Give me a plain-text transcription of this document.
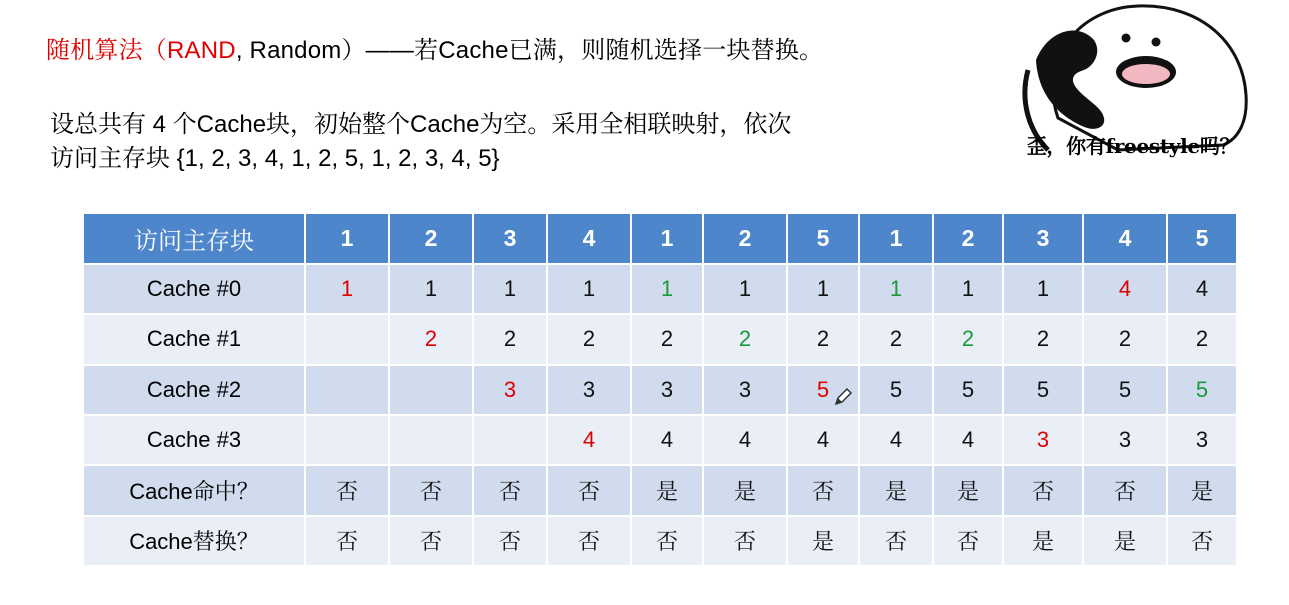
随机算法（RAND, Random）——若Cache已满，则随机选择一块替换。
设总共有 4 个Cache块，初始整个Cache为空。采用全相联映射，依次
访问主存块 {1, 2, 3, 4, 1, 2, 5, 1, 2, 3, 4, 5}	歪，你有freestyle吗？
访问主存块	1	2	3	4	1	2	5	1	2	3	4	5
Cache #0	1	1	1	1	1	1	1	1	1	1	4	4
Cache #1		2	2	2	2	2	2	2	2	2	2	2
Cache #2			3	3	3	3	5	5	5	5	5	5
Cache #3				4	4	4	4	4	4	3	3	3
Cache命中？	否	否	否	否	是	是	否	是	是	否	否	是
Cache替换？	否	否	否	否	否	否	是	否	否	是	是	否
